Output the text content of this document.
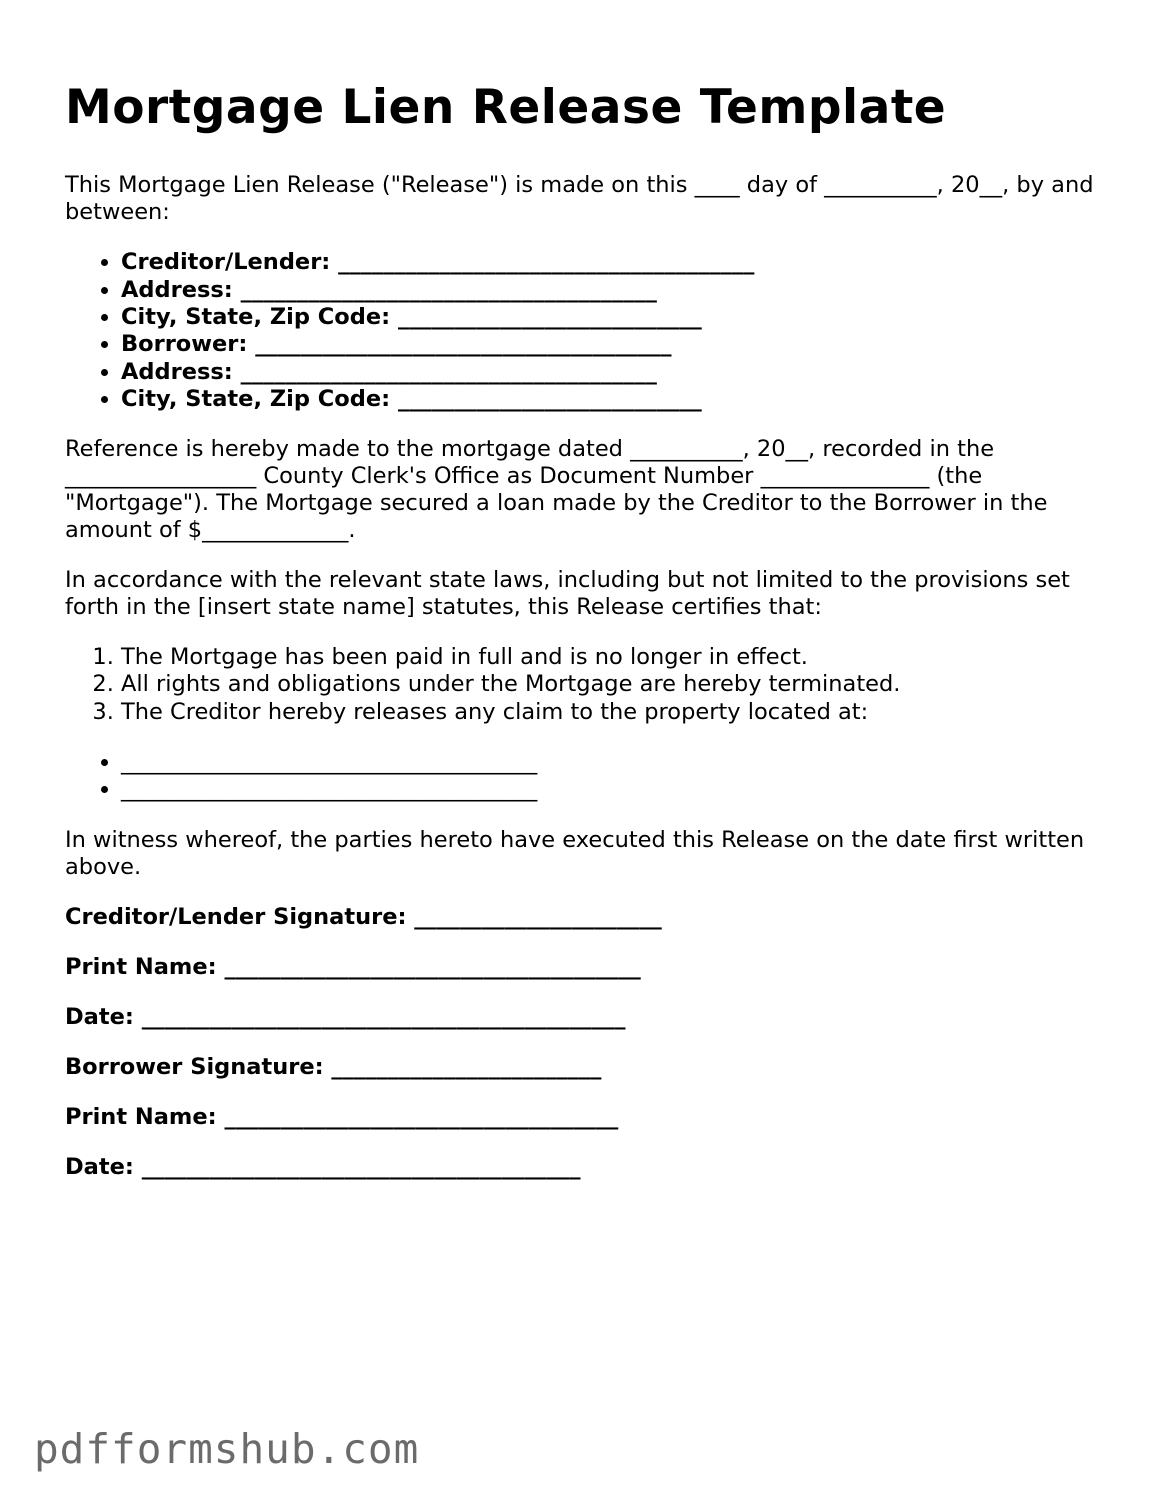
Mortgage Lien Release Template

This Mortgage Lien Release ("Release") is made on this ____ day of __________, 20__, by and between:

• Creditor/Lender: _____________________________________
• Address: _____________________________________
• City, State, Zip Code: ___________________________
• Borrower: _____________________________________
• Address: _____________________________________
• City, State, Zip Code: ___________________________

Reference is hereby made to the mortgage dated __________, 20__, recorded in the _________________ County Clerk's Office as Document Number _______________ (the "Mortgage"). The Mortgage secured a loan made by the Creditor to the Borrower in the amount of $_____________.

In accordance with the relevant state laws, including but not limited to the provisions set forth in the [insert state name] statutes, this Release certifies that:

1. The Mortgage has been paid in full and is no longer in effect.
2. All rights and obligations under the Mortgage are hereby terminated.
3. The Creditor hereby releases any claim to the property located at:
• _____________________________________
• _____________________________________

In witness whereof, the parties hereto have executed this Release on the date first written above.

Creditor/Lender Signature: ______________________
Print Name: _____________________________________
Date: ___________________________________________
Borrower Signature: ________________________
Print Name: ___________________________________
Date: _______________________________________
pdfformshub.com
